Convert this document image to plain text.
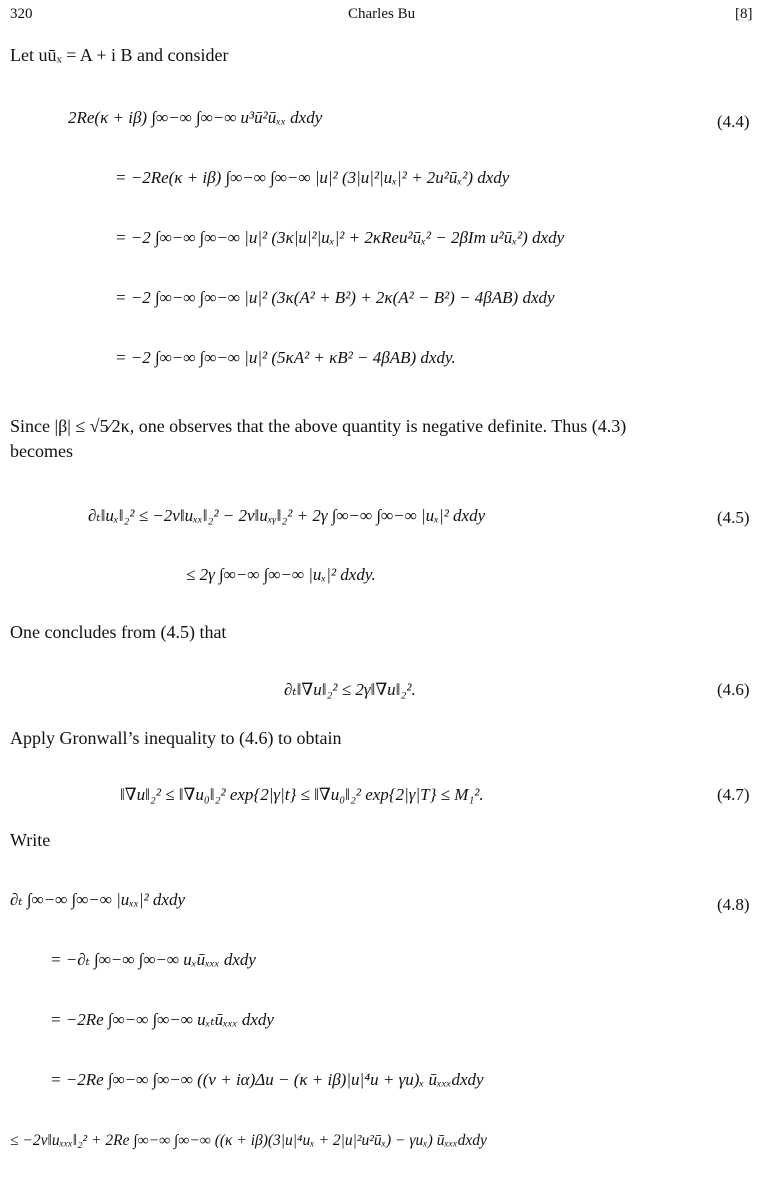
320	Charles Bu	[8]
Let uūₓ = A + i B and consider
2Re(κ + iβ) ∫∞−∞ ∫∞−∞ u³ū²ūₓₓ dxdy	(4.4)
= −2Re(κ + iβ) ∫∞−∞ ∫∞−∞ |u|² (3|u|²|uₓ|² + 2u²ūₓ²) dxdy
= −2 ∫∞−∞ ∫∞−∞ |u|² (3κ|u|²|uₓ|² + 2κReu²ūₓ² − 2βIm u²ūₓ²) dxdy
= −2 ∫∞−∞ ∫∞−∞ |u|² (3κ(A² + B²) + 2κ(A² − B²) − 4βAB) dxdy
= −2 ∫∞−∞ ∫∞−∞ |u|² (5κA² + κB² − 4βAB) dxdy.
Since |β| ≤ √5⁄2κ, one observes that the above quantity is negative definite. Thus (4.3)
becomes
∂ₜ‖uₓ‖₂² ≤ −2ν‖uₓₓ‖₂² − 2ν‖uₓᵧ‖₂² + 2γ ∫∞−∞ ∫∞−∞ |uₓ|² dxdy	(4.5)
≤ 2γ ∫∞−∞ ∫∞−∞ |uₓ|² dxdy.
One concludes from (4.5) that
∂ₜ‖∇u‖₂² ≤ 2γ‖∇u‖₂².	(4.6)
Apply Gronwall’s inequality to (4.6) to obtain
‖∇u‖₂² ≤ ‖∇u₀‖₂² exp{2|γ|t} ≤ ‖∇u₀‖₂² exp{2|γ|T} ≤ M₁².	(4.7)
Write
∂ₜ ∫∞−∞ ∫∞−∞ |uₓₓ|² dxdy	(4.8)
= −∂ₜ ∫∞−∞ ∫∞−∞ uₓūₓₓₓ dxdy
= −2Re ∫∞−∞ ∫∞−∞ uₓₜūₓₓₓ dxdy
= −2Re ∫∞−∞ ∫∞−∞ ((ν + iα)Δu − (κ + iβ)|u|⁴u + γu)ₓ ūₓₓₓdxdy
≤ −2ν‖uₓₓₓ‖₂² + 2Re ∫∞−∞ ∫∞−∞ ((κ + iβ)(3|u|⁴uₓ + 2|u|²u²ūₓ) − γuₓ) ūₓₓₓdxdy
